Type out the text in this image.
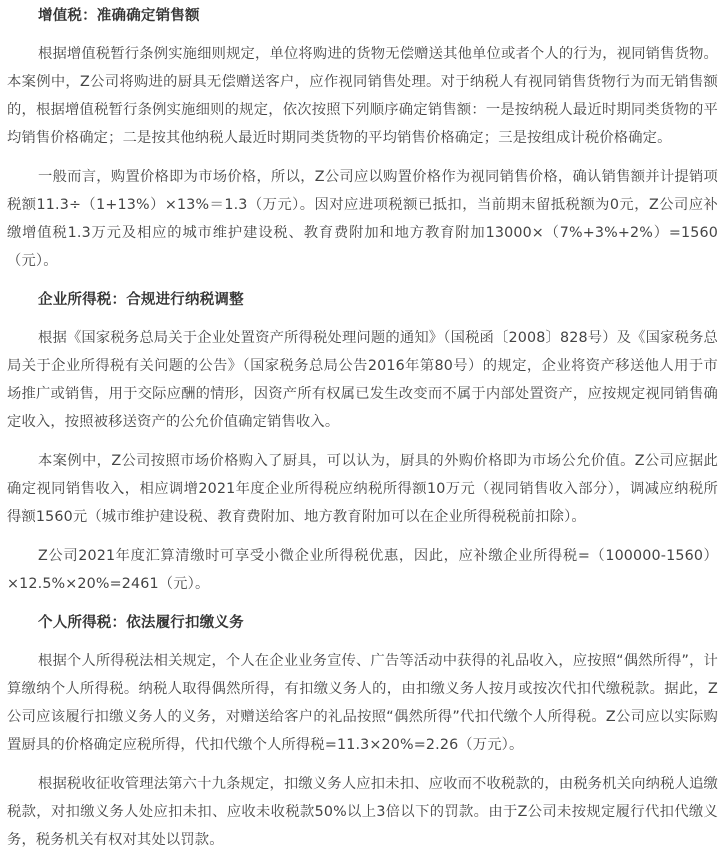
增值税：准确确定销售额

根据增值税暂行条例实施细则规定，单位将购进的货物无偿赠送其他单位或者个人的行为，视同销售货物。本案例中，Z公司将购进的厨具无偿赠送客户，应作视同销售处理。对于纳税人有视同销售货物行为而无销售额的，根据增值税暂行条例实施细则的规定，依次按照下列顺序确定销售额：一是按纳税人最近时期同类货物的平均销售价格确定；二是按其他纳税人最近时期同类货物的平均销售价格确定；三是按组成计税价格确定。

一般而言，购置价格即为市场价格，所以，Z公司应以购置价格作为视同销售价格，确认销售额并计提销项税额11.3÷（1+13%）×13%＝1.3（万元）。因对应进项税额已抵扣，当前期末留抵税额为0元，Z公司应补缴增值税1.3万元及相应的城市维护建设税、教育费附加和地方教育附加13000×（7%+3%+2%）=1560（元）。

企业所得税：合规进行纳税调整

根据《国家税务总局关于企业处置资产所得税处理问题的通知》（国税函〔2008〕828号）及《国家税务总局关于企业所得税有关问题的公告》（国家税务总局公告2016年第80号）的规定，企业将资产移送他人用于市场推广或销售，用于交际应酬的情形，因资产所有权属已发生改变而不属于内部处置资产，应按规定视同销售确定收入，按照被移送资产的公允价值确定销售收入。

本案例中，Z公司按照市场价格购入了厨具，可以认为，厨具的外购价格即为市场公允价值。Z公司应据此确定视同销售收入，相应调增2021年度企业所得税应纳税所得额10万元（视同销售收入部分），调减应纳税所得额1560元（城市维护建设税、教育费附加、地方教育附加可以在企业所得税税前扣除）。

Z公司2021年度汇算清缴时可享受小微企业所得税优惠，因此，应补缴企业所得税=（100000-1560）×12.5%×20%=2461（元）。

个人所得税：依法履行扣缴义务

根据个人所得税法相关规定，个人在企业业务宣传、广告等活动中获得的礼品收入，应按照“偶然所得”，计算缴纳个人所得税。纳税人取得偶然所得，有扣缴义务人的，由扣缴义务人按月或按次代扣代缴税款。据此，Z公司应该履行扣缴义务人的义务，对赠送给客户的礼品按照“偶然所得”代扣代缴个人所得税。Z公司应以实际购置厨具的价格确定应税所得，代扣代缴个人所得税=11.3×20%=2.26（万元）。

根据税收征收管理法第六十九条规定，扣缴义务人应扣未扣、应收而不收税款的，由税务机关向纳税人追缴税款，对扣缴义务人处应扣未扣、应收未收税款50%以上3倍以下的罚款。由于Z公司未按规定履行代扣代缴义务，税务机关有权对其处以罚款。
